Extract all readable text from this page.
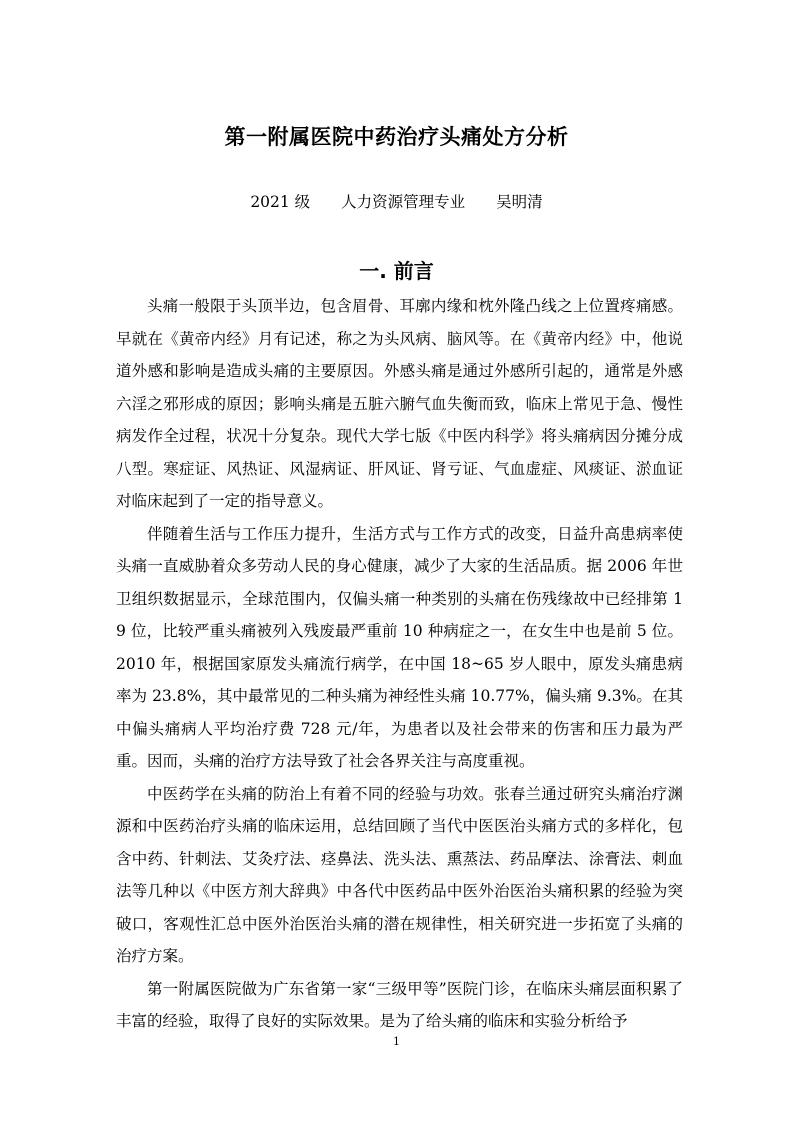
第一附属医院中药治疗头痛处方分析
2021 级　　人力资源管理专业　　吴明清
一. 前言

头痛一般限于头顶半边，包含眉骨、耳廓内缘和枕外隆凸线之上位置疼痛感。早就在《黄帝内经》月有记述，称之为头风病、脑风等。在《黄帝内经》中，他说道外感和影响是造成头痛的主要原因。外感头痛是通过外感所引起的，通常是外感六淫之邪形成的原因；影响头痛是五脏六腑气血失衡而致，临床上常见于急、慢性病发作全过程，状况十分复杂。现代大学七版《中医内科学》将头痛病因分摊分成八型。寒症证、风热证、风湿病证、肝风证、肾亏证、气血虚症、风痰证、淤血证对临床起到了一定的指导意义。

伴随着生活与工作压力提升，生活方式与工作方式的改变，日益升高患病率使头痛一直威胁着众多劳动人民的身心健康，减少了大家的生活品质。据 2006 年世卫组织数据显示，全球范围内，仅偏头痛一种类别的头痛在伤残缘故中已经排第 19 位，比较严重头痛被列入残废最严重前 10 种病症之一，在女生中也是前 5 位。2010 年，根据国家原发头痛流行病学，在中国 18~65 岁人眼中，原发头痛患病率为 23.8%，其中最常见的二种头痛为神经性头痛 10.77%，偏头痛 9.3%。在其中偏头痛病人平均治疗费 728 元/年，为患者以及社会带来的伤害和压力最为严重。因而，头痛的治疗方法导致了社会各界关注与高度重视。

中医药学在头痛的防治上有着不同的经验与功效。张春兰通过研究头痛治疗渊源和中医药治疗头痛的临床运用，总结回顾了当代中医医治头痛方式的多样化，包含中药、针刺法、艾灸疗法、痉鼻法、洗头法、熏蒸法、药品摩法、涂膏法、刺血法等几种以《中医方剂大辞典》中各代中医药品中医外治医治头痛积累的经验为突破口，客观性汇总中医外治医治头痛的潜在规律性，相关研究进一步拓宽了头痛的治疗方案。

第一附属医院做为广东省第一家“三级甲等”医院门诊，在临床头痛层面积累了丰富的经验，取得了良好的实际效果。是为了给头痛的临床和实验分析给予

1
